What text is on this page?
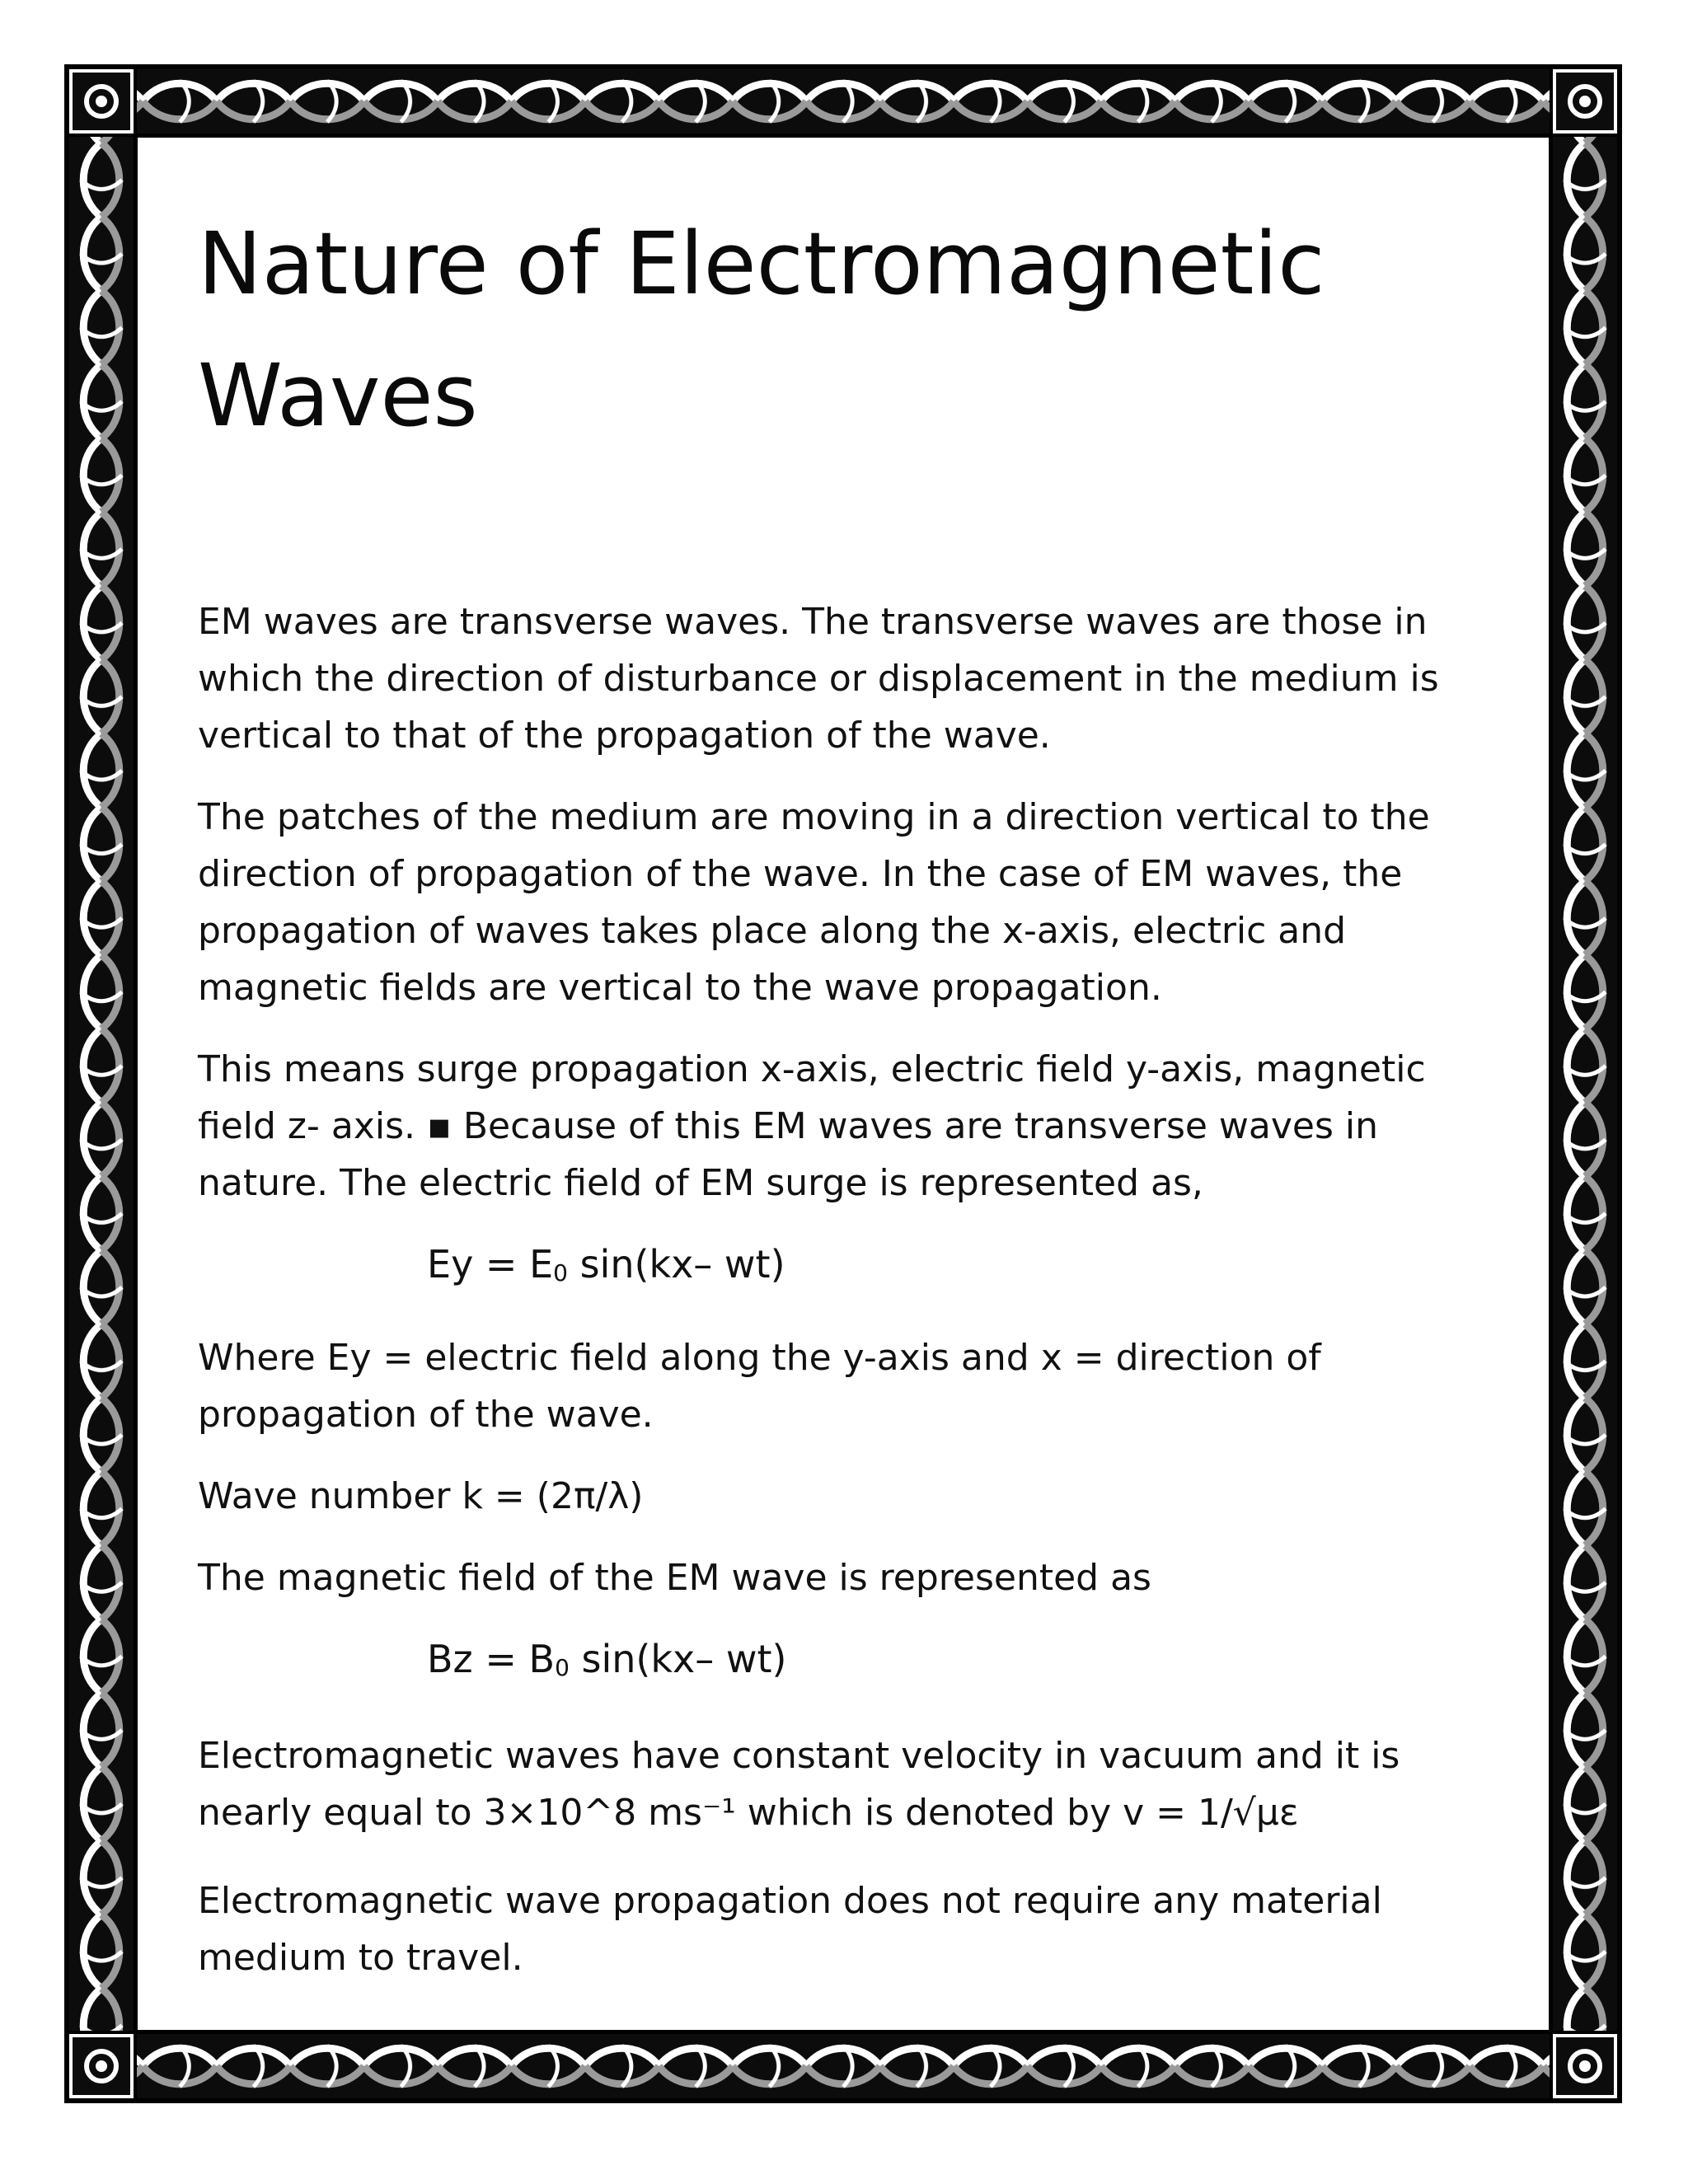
Nature of Electromagnetic Waves

EM waves are transverse waves. The transverse waves are those in which the direction of disturbance or displacement in the medium is vertical to that of the propagation of the wave.

The patches of the medium are moving in a direction vertical to the direction of propagation of the wave. In the case of EM waves, the propagation of waves takes place along the x-axis, electric and magnetic fields are vertical to the wave propagation.

This means surge propagation x-axis, electric field y-axis, magnetic field z- axis. ▪ Because of this EM waves are transverse waves in nature. The electric field of EM surge is represented as,

$Ey = E_0$ sin(kx– wt)

Where Ey = electric field along the y-axis and x = direction of propagation of the wave.

Wave number k = (2π/λ)

The magnetic field of the EM wave is represented as

$Bz = B_0$ sin(kx– wt)

Electromagnetic waves have constant velocity in vacuum and it is nearly equal to 3×10^8 ms⁻¹ which is denoted by v = 1/√με

Electromagnetic wave propagation does not require any material medium to travel.
